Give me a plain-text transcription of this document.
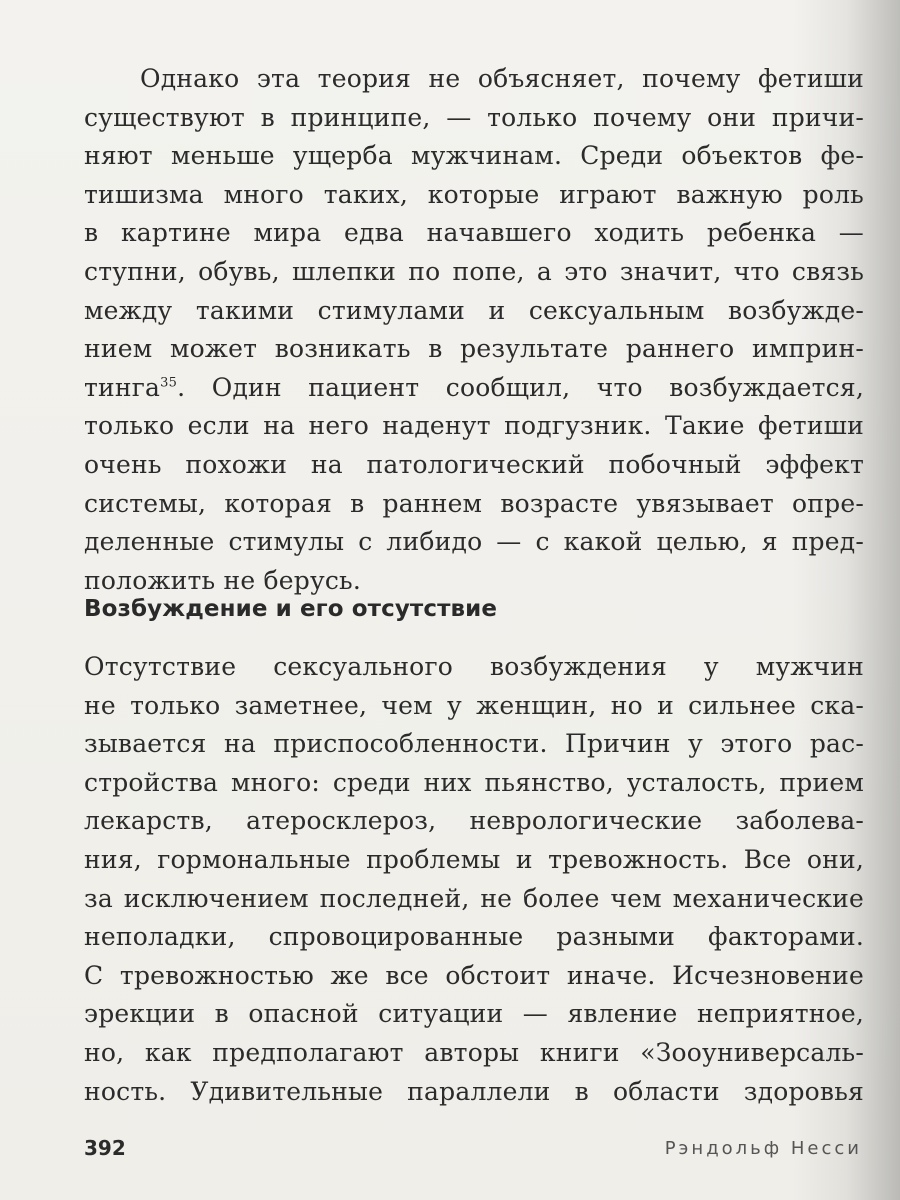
Однако эта теория не объясняет, почему фетиши
существуют в принципе, — только почему они причи-
няют меньше ущерба мужчинам. Среди объектов фе-
тишизма много таких, которые играют важную роль
в картине мира едва начавшего ходить ребенка —
ступни, обувь, шлепки по попе, а это значит, что связь
между такими стимулами и сексуальным возбужде-
нием может возникать в результате раннего имприн-
тинга$^{35}$. Один пациент сообщил, что возбуждается,
только если на него наденут подгузник. Такие фетиши
очень похожи на патологический побочный эффект
системы, которая в раннем возрасте увязывает опре-
деленные стимулы с либидо — с какой целью, я пред-
положить не берусь.
Возбуждение и его отсутствие
Отсутствие сексуального возбуждения у мужчин
не только заметнее, чем у женщин, но и сильнее ска-
зывается на приспособленности. Причин у этого рас-
стройства много: среди них пьянство, усталость, прием
лекарств, атеросклероз, неврологические заболева-
ния, гормональные проблемы и тревожность. Все они,
за исключением последней, не более чем механические
неполадки, спровоцированные разными факторами.
С тревожностью же все обстоит иначе. Исчезновение
эрекции в опасной ситуации — явление неприятное,
но, как предполагают авторы книги «Зооуниверсаль-
ность. Удивительные параллели в области здоровья
392	Рэндольф Несси
